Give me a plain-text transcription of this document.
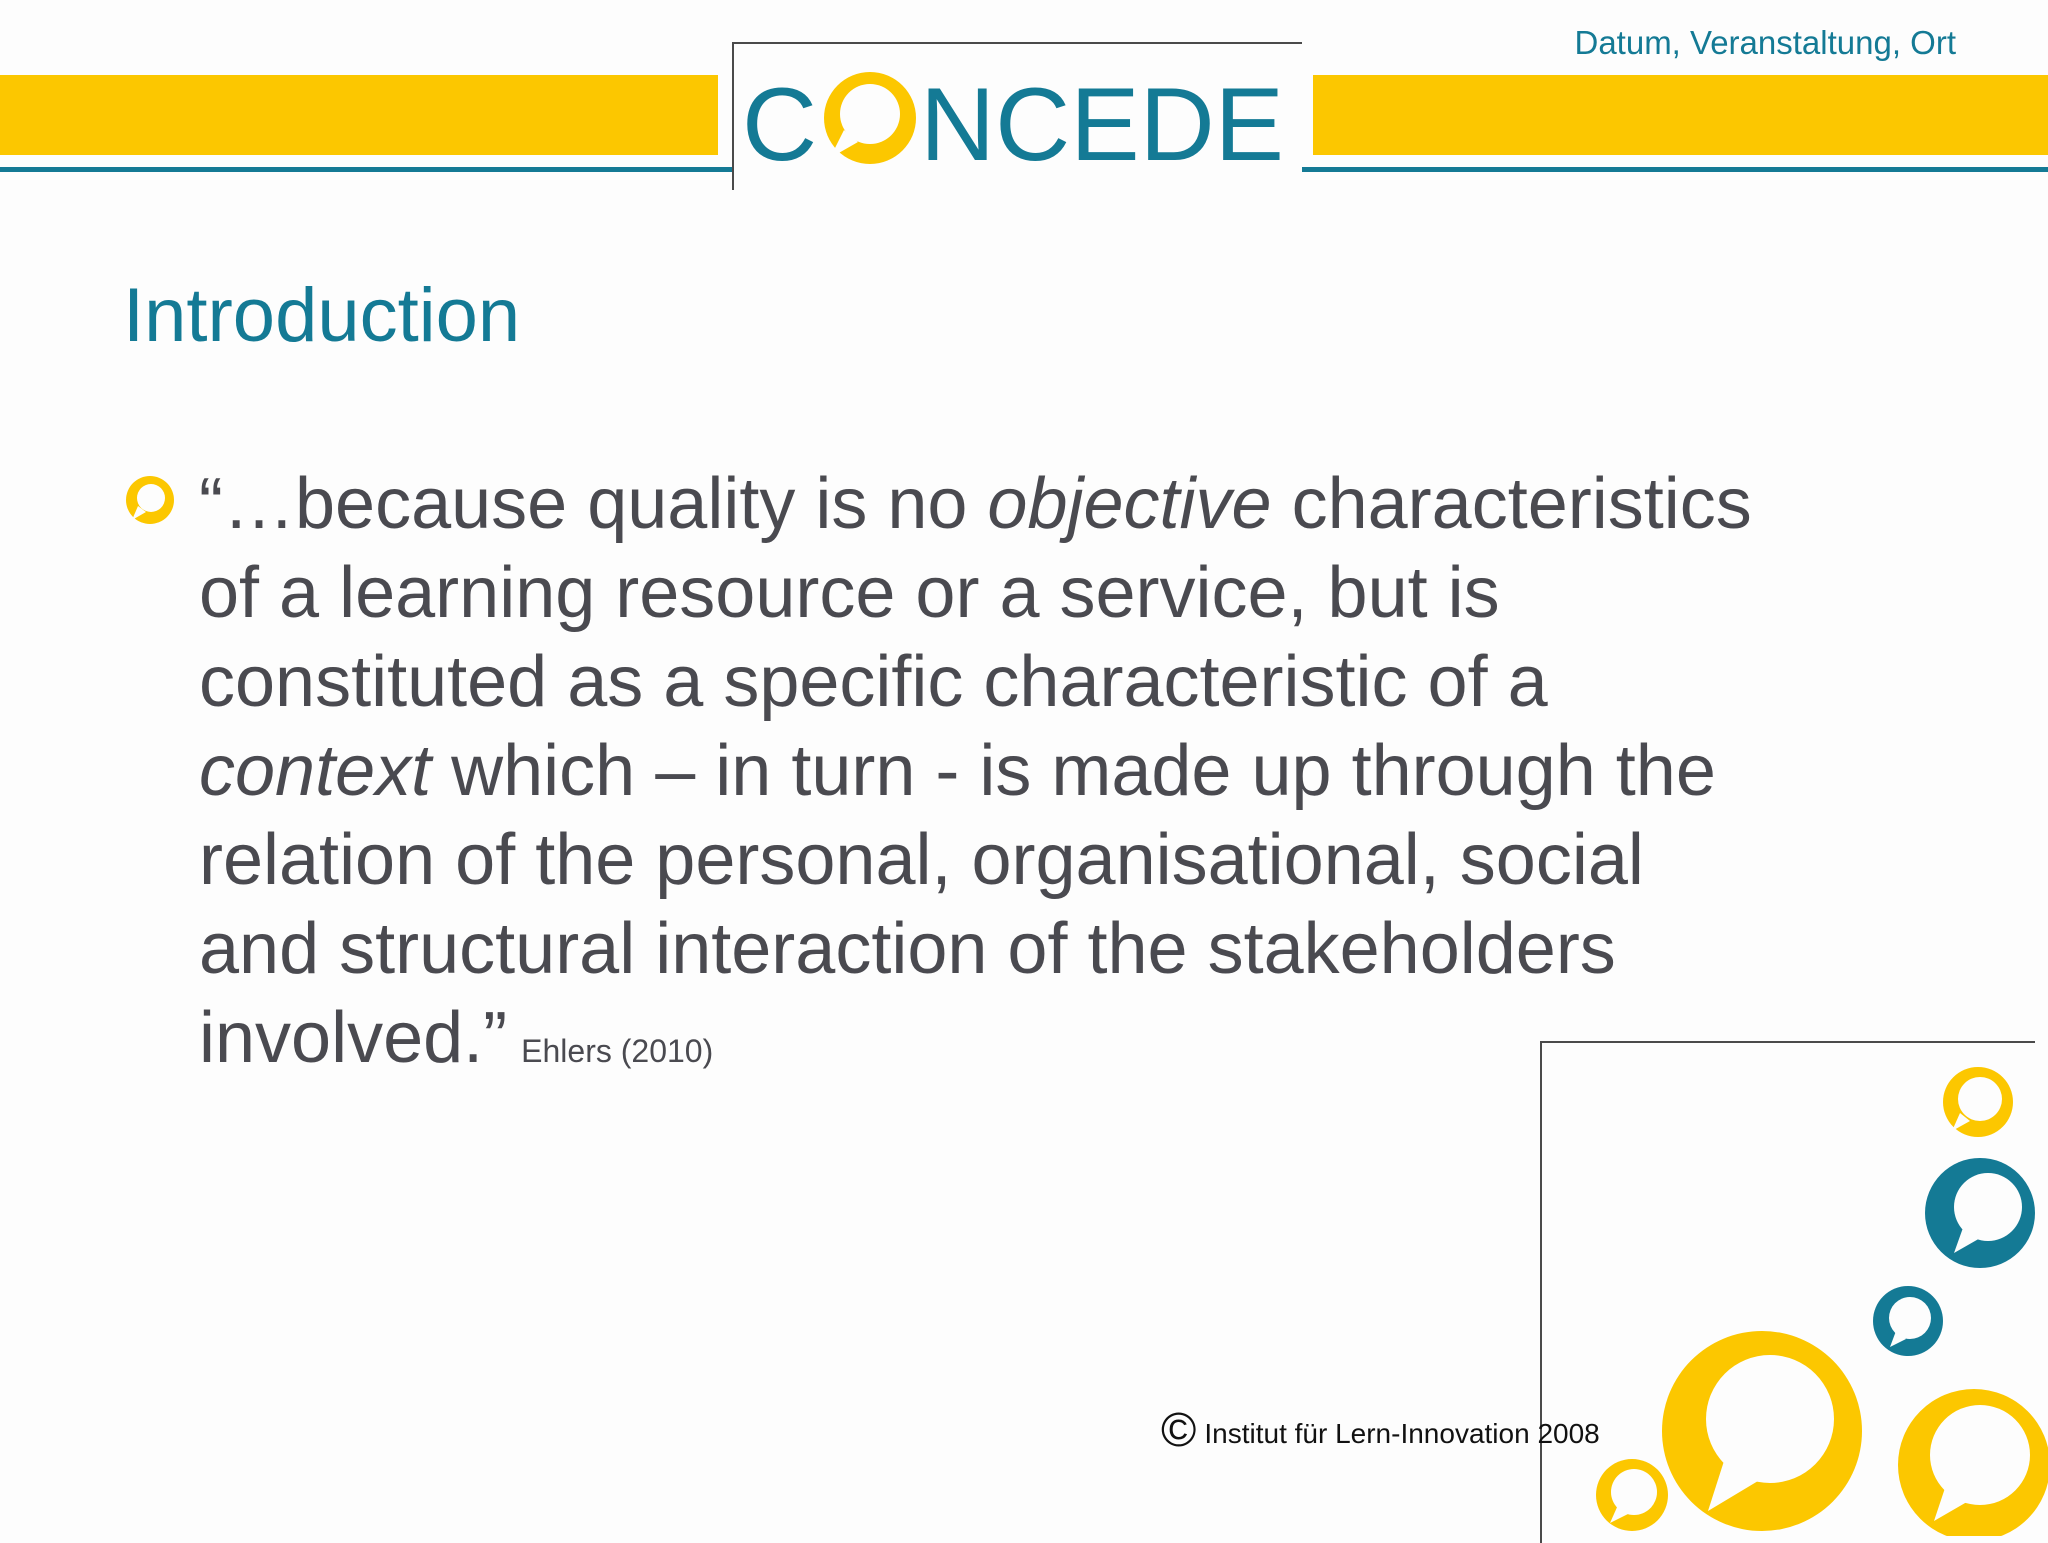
C NCEDE
CONCEDE	Datum, Veranstaltung, Ort
Introduction
“…because quality is no objective characteristics
of a learning resource or a service, but is
constituted as a specific characteristic of a
context which – in turn - is made up through the
relation of the personal, organisational, social
and structural interaction of the stakeholders
involved.” Ehlers (2010)
© Institut für Lern-Innovation 2008
